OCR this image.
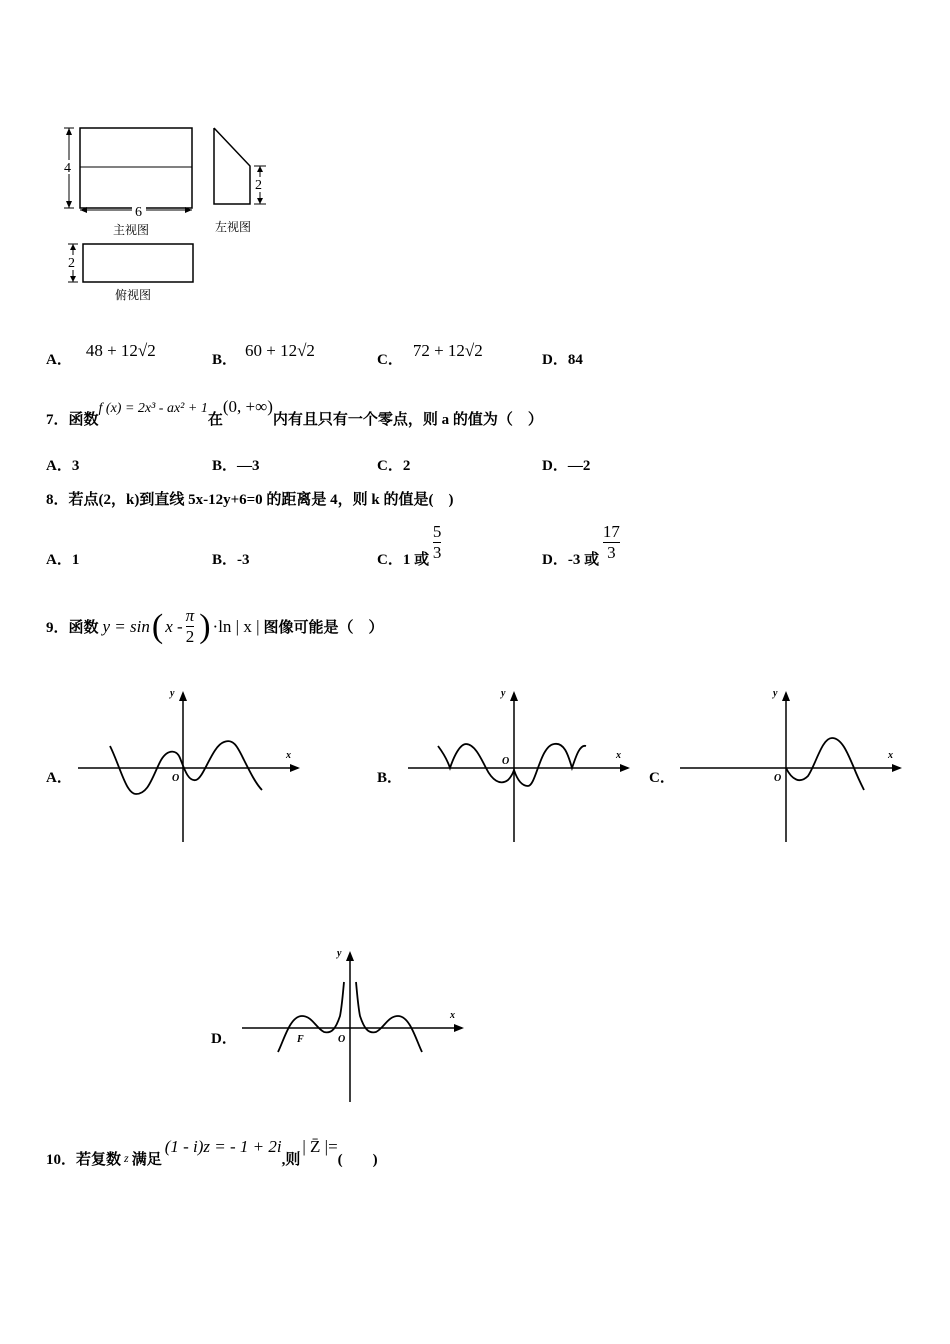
4
6
主视图
2
左视图
2
俯视图
A． 48 + 12√2	B． 60 + 12√2	C． 72 + 12√2	D．84
7．函数f (x) = 2x³ - ax² + 1在(0, +∞)内有且只有一个零点，则 a 的值为（　）
A．3	B．—3	C．2	D．—2
8．若点(2，k)到直线 5x-12y+6=0 的距离是 4，则 k 的值是(　)
A．1	B．-3	C．1 或 $\frac{5}{3}$	D．-3 或 $\frac{17}{3}$
9．函数 y = sin ( x - $\frac{\pi}{2}$ ) ·ln | x | 图像可能是（　）
A．
y
x
O	B．
y
x
O
C．
y
x
O
D．
y
x
O
F
10．若复数 $_z$ 满足(1 - i)z = - 1 + 2i,则| Z̄ |=(　　)
